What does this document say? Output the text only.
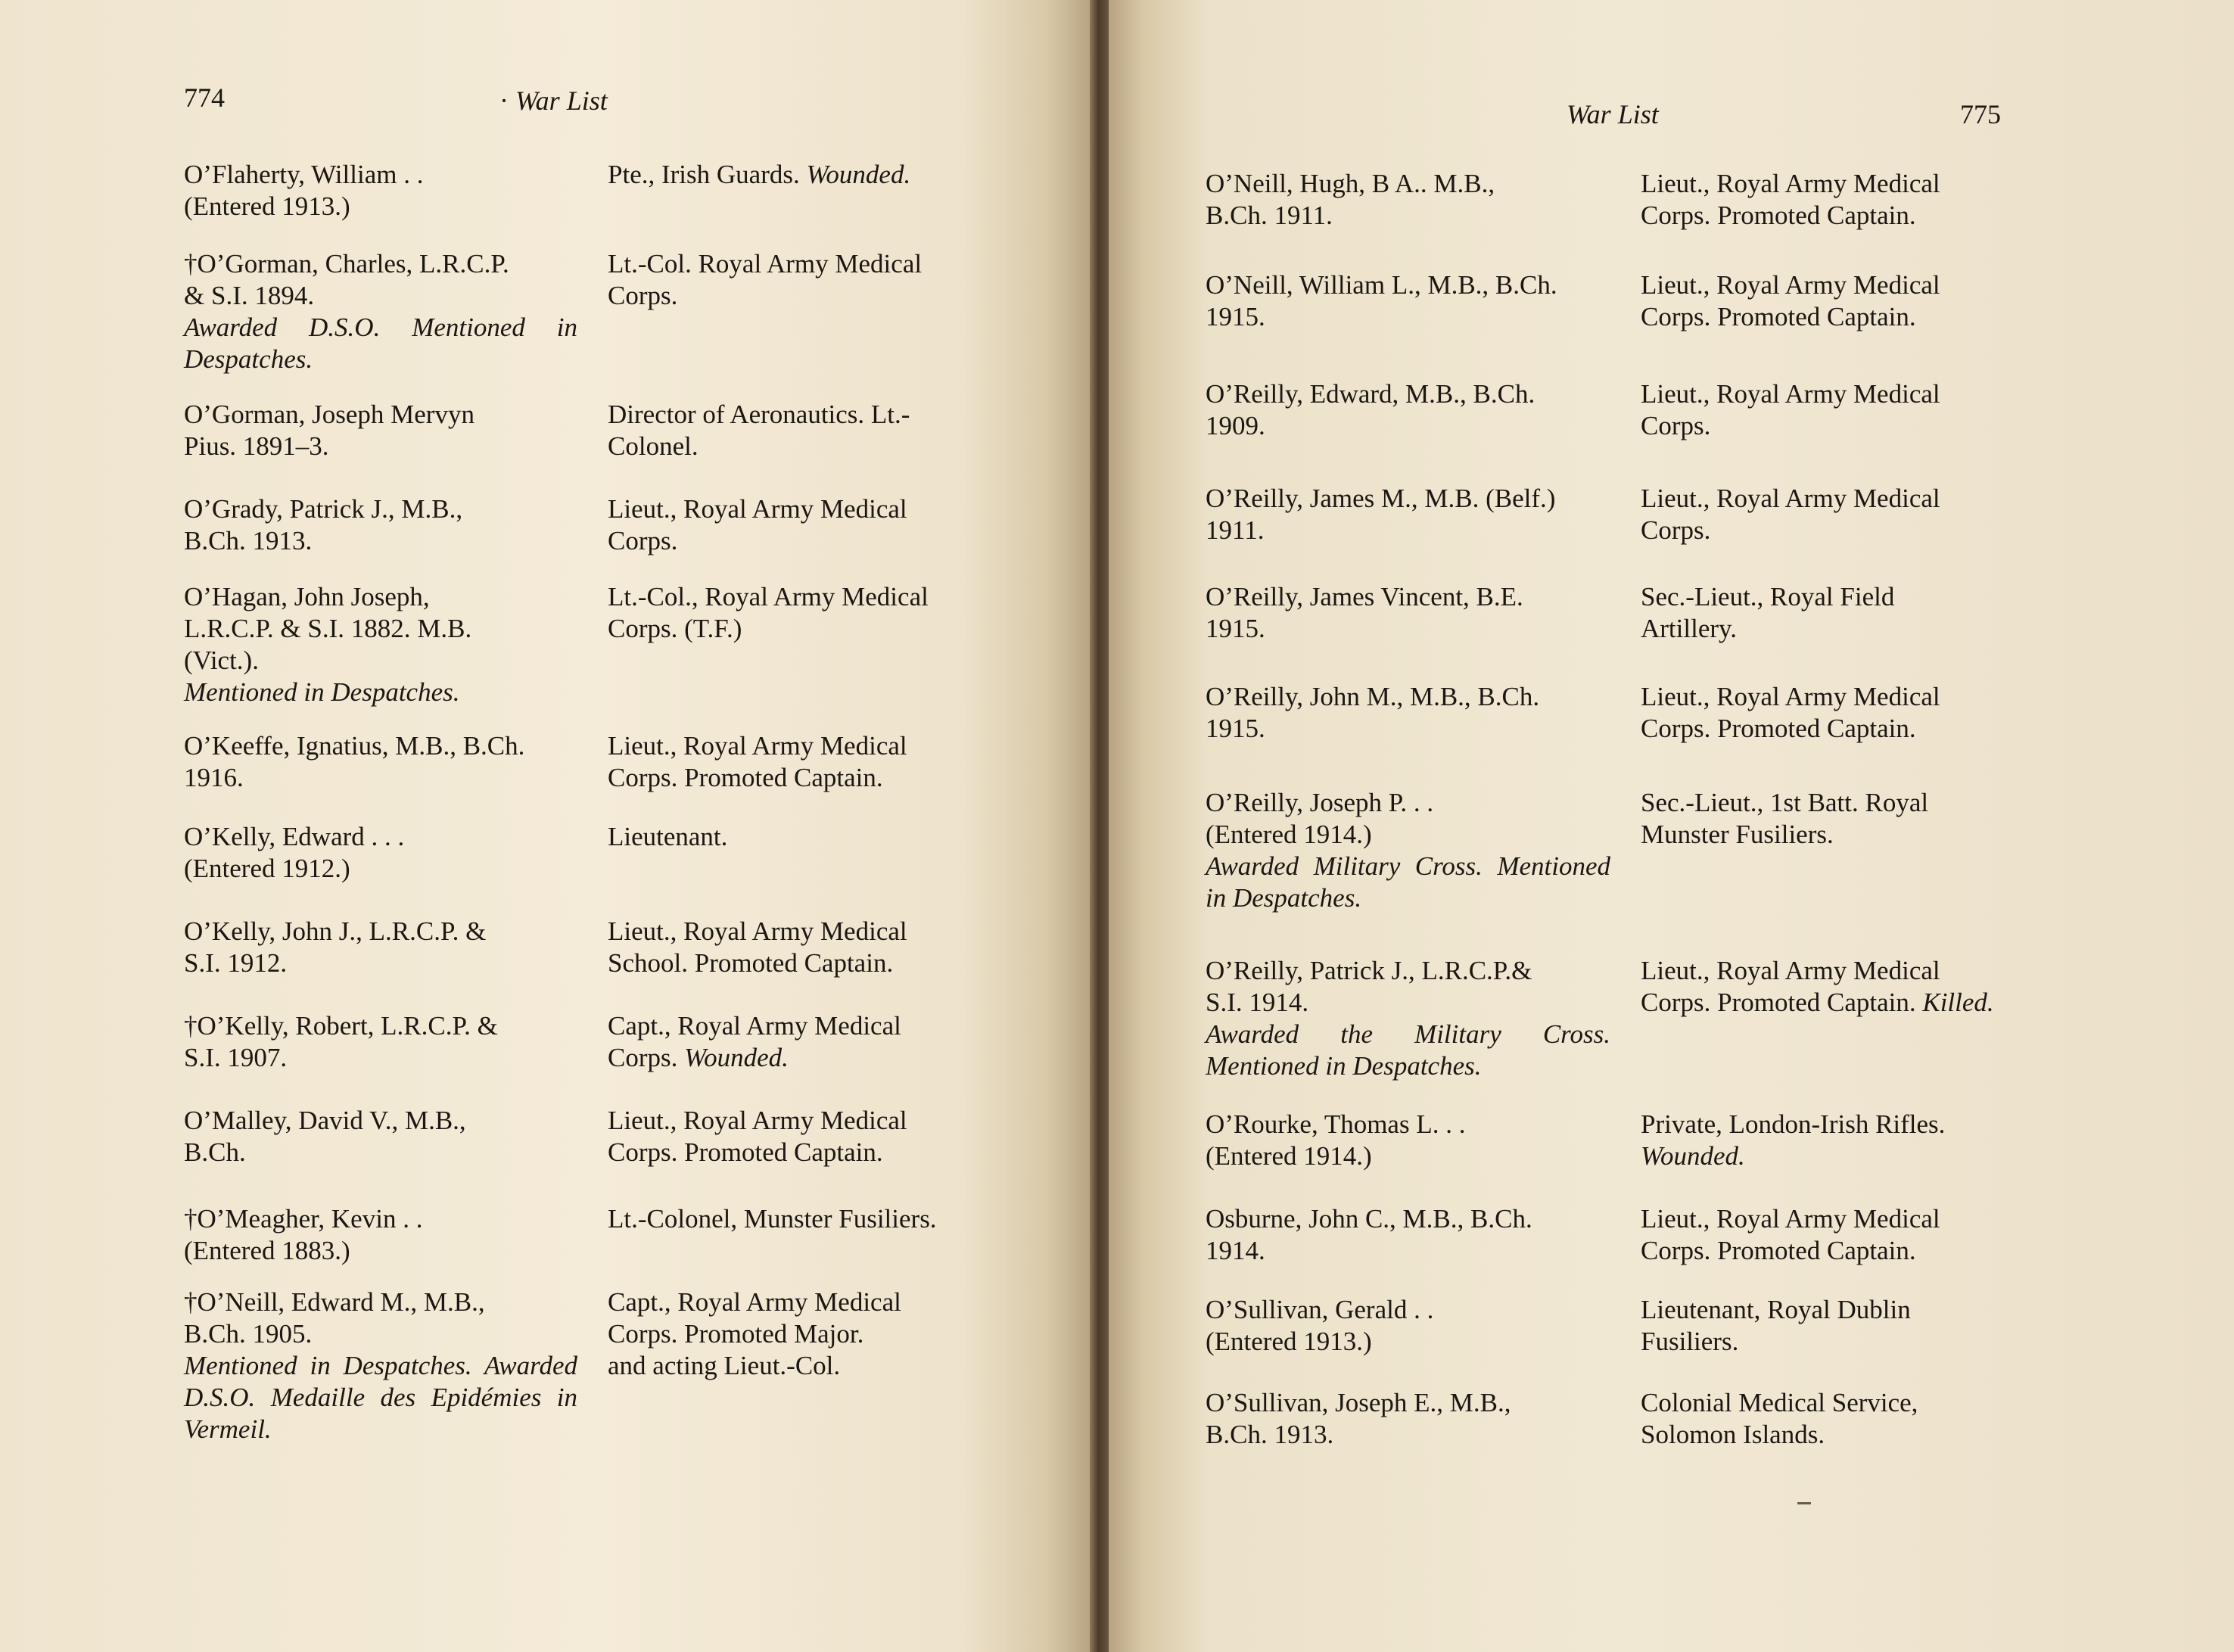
774	· War List
O’Flaherty, William . .
(Entered 1913.)

Pte., Irish Guards. Wounded.
†O’Gorman, Charles, L.R.C.P.
& S.I. 1894.
Awarded D.S.O. Mentioned in Despatches.
Lt.-Col. Royal Army Medical
Corps.
O’Gorman, Joseph Mervyn
Pius. 1891–3.

Director of Aeronautics. Lt.-
Colonel.
O’Grady, Patrick J., M.B.,
B.Ch. 1913.

Lieut., Royal Army Medical
Corps.
O’Hagan, John Joseph,
L.R.C.P. & S.I. 1882. M.B.
(Vict.).
Mentioned in Despatches.
Lt.-Col., Royal Army Medical
Corps. (T.F.)
O’Keeffe, Ignatius, M.B., B.Ch.
1916.

Lieut., Royal Army Medical
Corps. Promoted Captain.
O’Kelly, Edward . . .
(Entered 1912.)

Lieutenant.
O’Kelly, John J., L.R.C.P. &
S.I. 1912.

Lieut., Royal Army Medical
School. Promoted Captain.
†O’Kelly, Robert, L.R.C.P. &
S.I. 1907.

Capt., Royal Army Medical
Corps. Wounded.
O’Malley, David V., M.B.,
B.Ch.

Lieut., Royal Army Medical
Corps. Promoted Captain.
†O’Meagher, Kevin . .
(Entered 1883.)

Lt.-Colonel, Munster Fusiliers.
†O’Neill, Edward M., M.B.,
B.Ch. 1905.
Mentioned in Despatches. Awarded D.S.O. Medaille des Epidémies in Vermeil.
Capt., Royal Army Medical
Corps. Promoted Major.
and acting Lieut.-Col.
War List	775
O’Neill, Hugh, B A.. M.B.,
B.Ch. 1911.

Lieut., Royal Army Medical
Corps. Promoted Captain.
O’Neill, William L., M.B., B.Ch.
1915.

Lieut., Royal Army Medical
Corps. Promoted Captain.
O’Reilly, Edward, M.B., B.Ch.
1909.

Lieut., Royal Army Medical
Corps.
O’Reilly, James M., M.B. (Belf.)
1911.

Lieut., Royal Army Medical
Corps.
O’Reilly, James Vincent, B.E.
1915.

Sec.-Lieut., Royal Field
Artillery.
O’Reilly, John M., M.B., B.Ch.
1915.

Lieut., Royal Army Medical
Corps. Promoted Captain.
O’Reilly, Joseph P. . .
(Entered 1914.)
Awarded Military Cross. Mentioned in Despatches.
Sec.-Lieut., 1st Batt. Royal
Munster Fusiliers.
O’Reilly, Patrick J., L.R.C.P.&
S.I. 1914.
Awarded the Military Cross. Mentioned in Despatches.
Lieut., Royal Army Medical
Corps. Promoted Captain. Killed.
O’Rourke, Thomas L. . .
(Entered 1914.)

Private, London-Irish Rifles. Wounded.
Osburne, John C., M.B., B.Ch.
1914.

Lieut., Royal Army Medical
Corps. Promoted Captain.
O’Sullivan, Gerald . .
(Entered 1913.)

Lieutenant, Royal Dublin
Fusiliers.
O’Sullivan, Joseph E., M.B.,
B.Ch. 1913.

Colonial Medical Service,
Solomon Islands.
